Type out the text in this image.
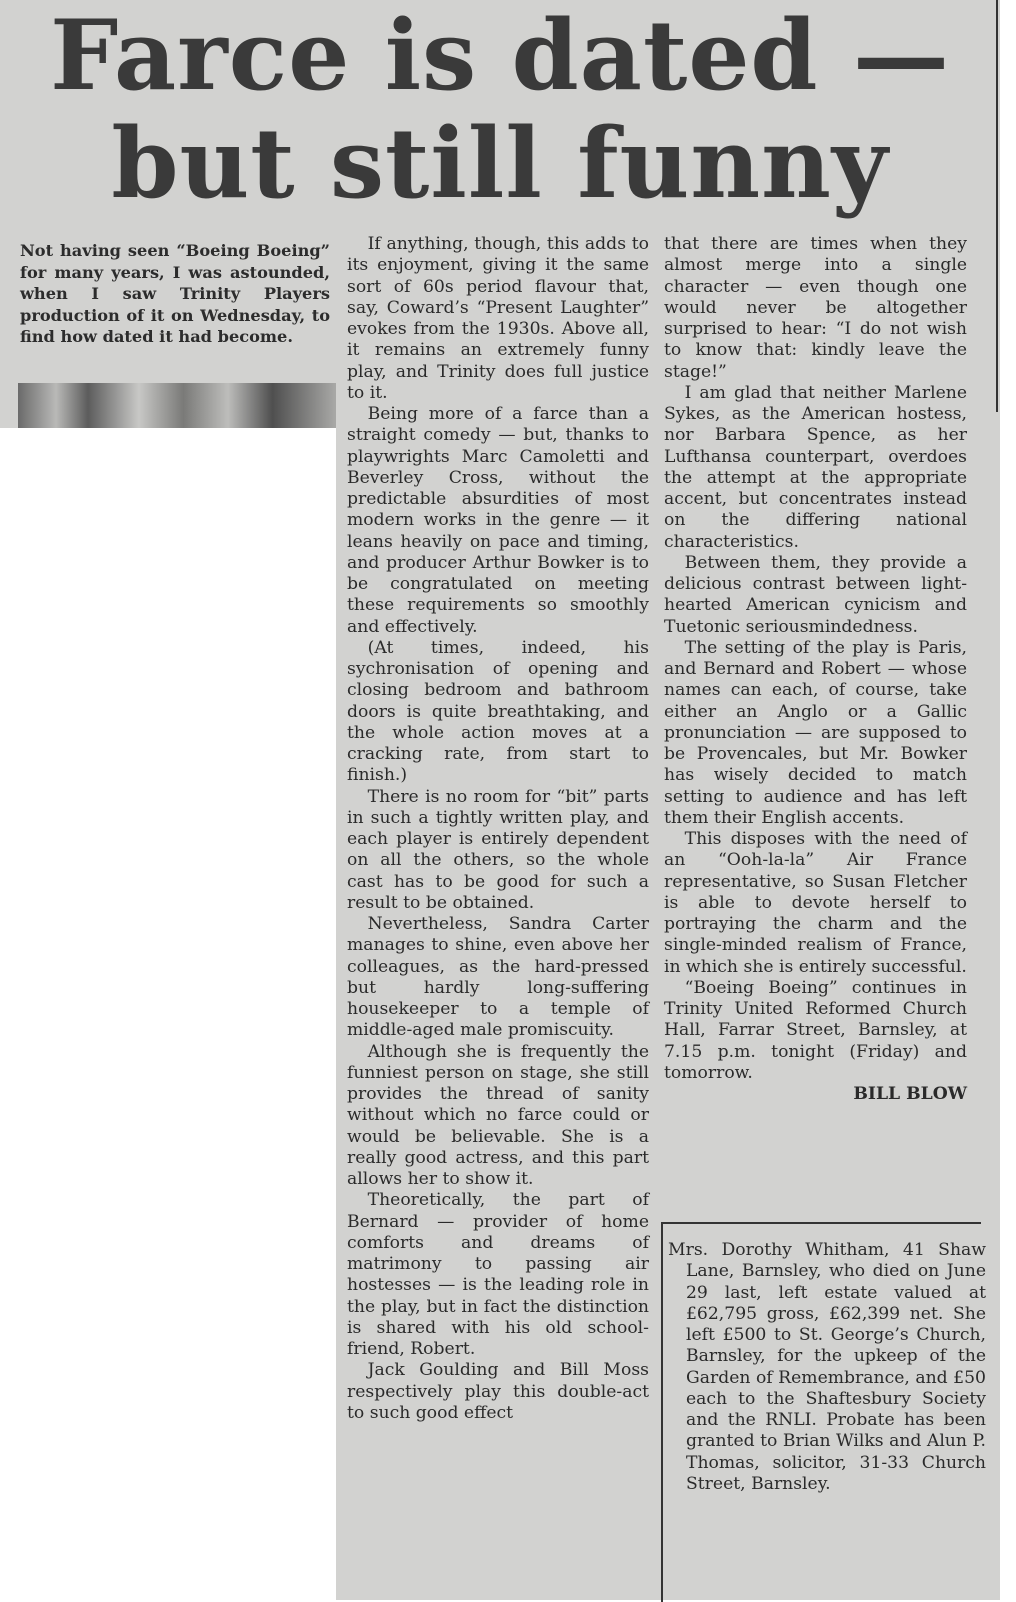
Farce is dated —
but still funny
Not having seen “Boeing Boeing” for many years, I was astounded, when I saw Trinity Players production of it on Wednesday, to find how dated it had become.

If anything, though, this adds to its enjoyment, giving it the same sort of 60s period flavour that, say, Coward’s “Present Laughter” evokes from the 1930s. Above all, it remains an extremely funny play, and Trinity does full justice to it.

Being more of a farce than a straight comedy — but, thanks to playwrights Marc Camoletti and Beverley Cross, without the predictable absurdities of most modern works in the genre — it leans heavily on pace and timing, and producer Arthur Bowker is to be congratulated on meeting these requirements so smoothly and effectively.

(At times, indeed, his sychronisation of opening and closing bedroom and bathroom doors is quite breathtaking, and the whole action moves at a cracking rate, from start to finish.)

There is no room for “bit” parts in such a tightly written play, and each player is entirely dependent on all the others, so the whole cast has to be good for such a result to be obtained.

Nevertheless, Sandra Carter manages to shine, even above her colleagues, as the hard-pressed but hardly long-suffering housekeeper to a temple of middle-aged male promiscuity.

Although she is frequently the funniest person on stage, she still provides the thread of sanity without which no farce could or would be believable. She is a really good actress, and this part allows her to show it.

Theoretically, the part of Bernard — provider of home comforts and dreams of matrimony to passing air hostesses — is the leading role in the play, but in fact the distinction is shared with his old school-friend, Robert.

Jack Goulding and Bill Moss respectively play this double-act to such good effect

that there are times when they almost merge into a single character — even though one would never be altogether surprised to hear: “I do not wish to know that: kindly leave the stage!”

I am glad that neither Marlene Sykes, as the American hostess, nor Barbara Spence, as her Lufthansa counterpart, overdoes the attempt at the appropriate accent, but concentrates instead on the differing national characteristics.

Between them, they provide a delicious contrast between light-hearted American cynicism and Tuetonic seriousmindedness.

The setting of the play is Paris, and Bernard and Robert — whose names can each, of course, take either an Anglo or a Gallic pronunciation — are supposed to be Provencales, but Mr. Bowker has wisely decided to match setting to audience and has left them their English accents.

This disposes with the need of an “Ooh-la-la” Air France representative, so Susan Fletcher is able to devote herself to portraying the charm and the single-minded realism of France, in which she is entirely successful.

“Boeing Boeing” continues in Trinity United Reformed Church Hall, Farrar Street, Barnsley, at 7.15 p.m. tonight (Friday) and tomorrow.

BILL BLOW

Mrs. Dorothy Whitham, 41 Shaw Lane, Barnsley, who died on June 29 last, left estate valued at £62,795 gross, £62,399 net. She left £500 to St. George’s Church, Barnsley, for the upkeep of the Garden of Remembrance, and £50 each to the Shaftesbury Society and the RNLI. Probate has been granted to Brian Wilks and Alun P. Thomas, solicitor, 31-33 Church Street, Barnsley.
